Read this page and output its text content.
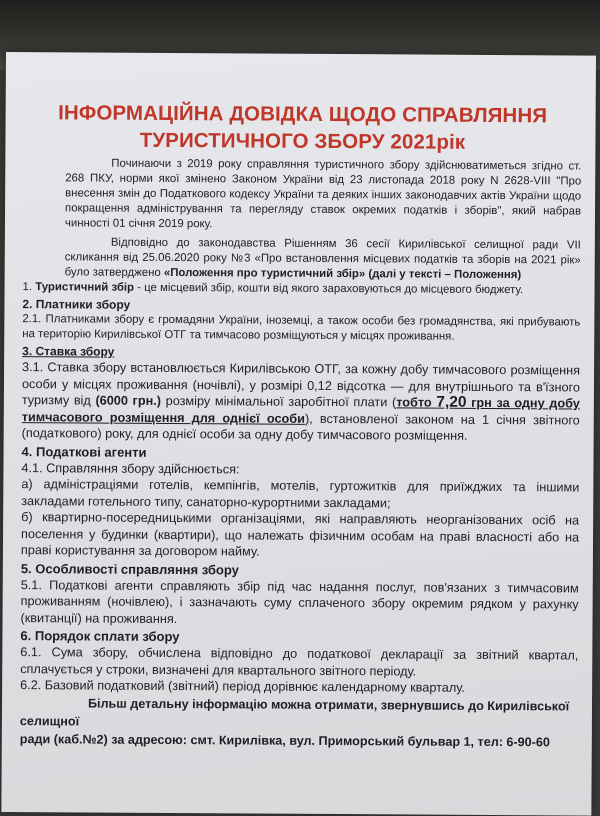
ІНФОРМАЦІЙНА ДОВІДКА ЩОДО СПРАВЛЯННЯ
ТУРИСТИЧНОГО ЗБОРУ 2021рік

Починаючи з 2019 року справляння туристичного збору здійснюватиметься згідно ст. 268 ПКУ, норми якої змінено Законом України від 23 листопада 2018 року N 2628-VIII "Про внесення змін до Податкового кодексу України та деяких інших законодавчих актів України щодо покращення адміністрування та перегляду ставок окремих податків і зборів", який набрав чинності 01 січня 2019 року.

Відповідно до законодавства Рішенням 36 сесії Кирилівської селищної ради VII скликання від 25.06.2020 року №3 «Про встановлення місцевих податків та зборів на 2021 рік» було затверджено «Положення про туристичний збір» (далі у тексті – Положення)

1. Туристичний збір - це місцевий збір, кошти від якого зараховуються до місцевого бюджету.

2. Платники збору

2.1. Платниками збору є громадяни України, іноземці, а також особи без громадянства, які прибувають на територію Кирилівської ОТГ та тимчасово розміщуються у місцях проживання.

3. Ставка збору

3.1. Ставка збору встановлюється Кирилівською ОТГ, за кожну добу тимчасового розміщення особи у місцях проживання (ночівлі), у розмірі 0,12 відсотка — для внутрішнього та в'їзного туризму від (6000 грн.) розміру мінімальної заробітної плати (тобто 7,20 грн за одну добу тимчасового розміщення для однієї особи), встановленої законом на 1 січня звітного (податкового) року, для однієї особи за одну добу тимчасового розміщення.

4. Податкові агенти

4.1. Справляння збору здійснюється:

а) адміністраціями готелів, кемпінгів, мотелів, гуртожитків для приїжджих та іншими закладами готельного типу, санаторно-курортними закладами;

б) квартирно-посередницькими організаціями, які направляють неорганізованих осіб на поселення у будинки (квартири), що належать фізичним особам на праві власності або на праві користування за договором найму.

5. Особливості справляння збору

5.1. Податкові агенти справляють збір під час надання послуг, пов'язаних з тимчасовим проживанням (ночівлею), і зазначають суму сплаченого збору окремим рядком у рахунку (квитанції) на проживання.

6. Порядок сплати збору

6.1. Сума збору, обчислена відповідно до податкової декларації за звітний квартал, сплачується у строки, визначені для квартального звітного періоду.

6.2. Базовий податковий (звітний) період дорівнює календарному кварталу.

Більш детальну інформацію можна отримати, звернувшись до Кирилівської селищної

ради (каб.№2) за адресою: смт. Кирилівка, вул. Приморський бульвар 1, тел: 6-90-60
